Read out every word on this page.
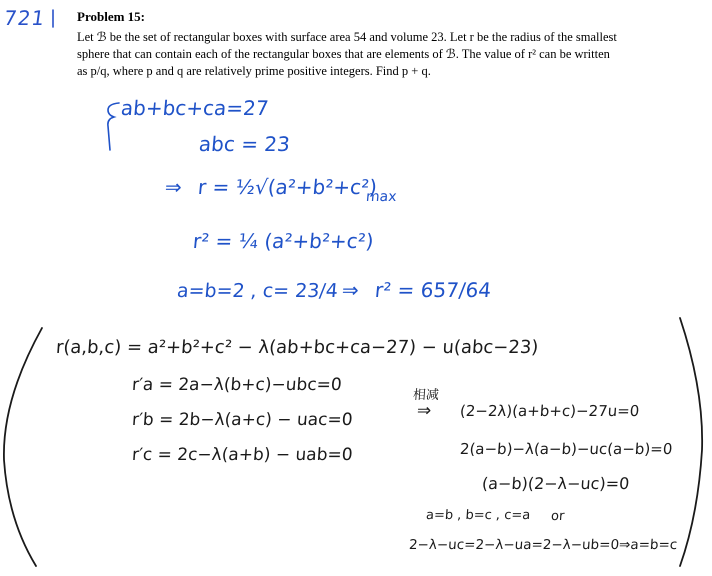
721 Problem 15:
Let ℬ be the set of rectangular boxes with surface area 54 and volume 23. Let r be the radius of the smallest
sphere that can contain each of the rectangular boxes that are elements of ℬ. The value of r² can be written
as p/q, where p and q are relatively prime positive integers. Find p + q.
ab+bc+ca=27
abc = 23
⇒ r = ½√(a²+b²+c²)
max
r² = ¼ (a²+b²+c²)
a=b=2 , c= 23/4 ⇒ r² = 657/64
r(a,b,c) = a²+b²+c² − λ(ab+bc+ca−27) − u(abc−23)
r′a = 2a−λ(b+c)−ubc=0
r′b = 2b−λ(a+c) − uac=0
r′c = 2c−λ(a+b) − uab=0
相减
⇒ (2−2λ)(a+b+c)−27u=0
2(a−b)−λ(a−b)−uc(a−b)=0
(a−b)(2−λ−uc)=0
a=b , b=c , c=a or
2−λ−uc=2−λ−ua=2−λ−ub=0⇒a=b=c
